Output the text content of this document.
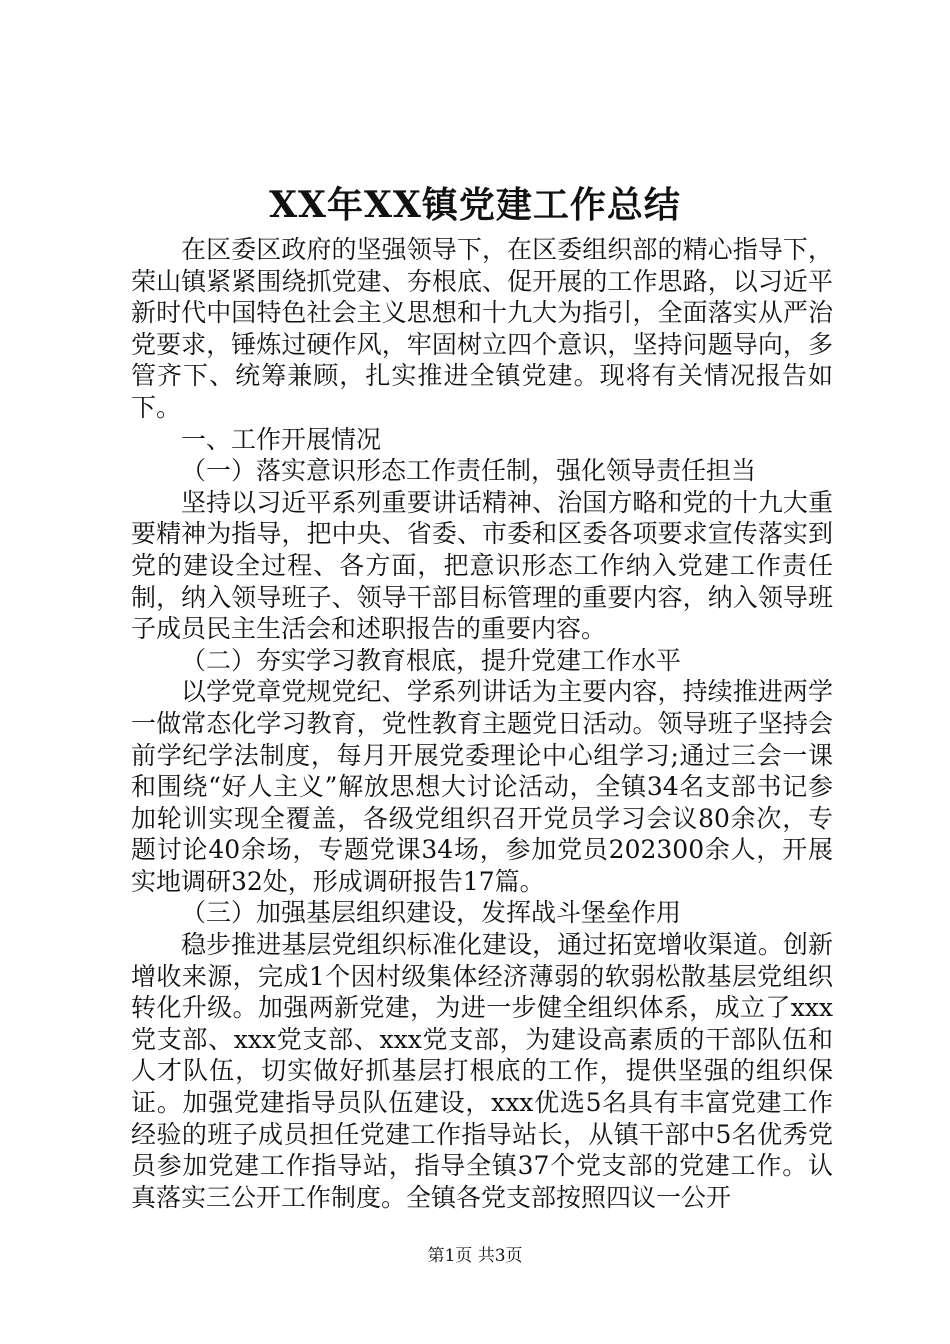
XX年XX镇党建工作总结

在区委区政府的坚强领导下，在区委组织部的精心指导下，荣山镇紧紧围绕抓党建、夯根底、促开展的工作思路，以习近平新时代中国特色社会主义思想和十九大为指引，全面落实从严治党要求，锤炼过硬作风，牢固树立四个意识，坚持问题导向，多管齐下、统筹兼顾，扎实推进全镇党建。现将有关情况报告如下。

一、工作开展情况

（一）落实意识形态工作责任制，强化领导责任担当

坚持以习近平系列重要讲话精神、治国方略和党的十九大重要精神为指导，把中央、省委、市委和区委各项要求宣传落实到党的建设全过程、各方面，把意识形态工作纳入党建工作责任制，纳入领导班子、领导干部目标管理的重要内容，纳入领导班子成员民主生活会和述职报告的重要内容。

（二）夯实学习教育根底，提升党建工作水平

以学党章党规党纪、学系列讲话为主要内容，持续推进两学一做常态化学习教育，党性教育主题党日活动。领导班子坚持会前学纪学法制度，每月开展党委理论中心组学习;通过三会一课和围绕“好人主义”解放思想大讨论活动，全镇34名支部书记参加轮训实现全覆盖，各级党组织召开党员学习会议80余次，专题讨论40余场，专题党课34场，参加党员202300余人，开展实地调研32处，形成调研报告17篇。

（三）加强基层组织建设，发挥战斗堡垒作用

稳步推进基层党组织标准化建设，通过拓宽增收渠道。创新增收来源，完成1个因村级集体经济薄弱的软弱松散基层党组织转化升级。加强两新党建，为进一步健全组织体系，成立了xxx党支部、xxx党支部、xxx党支部，为建设高素质的干部队伍和人才队伍，切实做好抓基层打根底的工作，提供坚强的组织保证。加强党建指导员队伍建设，xxx优选5名具有丰富党建工作经验的班子成员担任党建工作指导站长，从镇干部中5名优秀党员参加党建工作指导站，指导全镇37个党支部的党建工作。认真落实三公开工作制度。全镇各党支部按照四议一公开

第1页 共3页
